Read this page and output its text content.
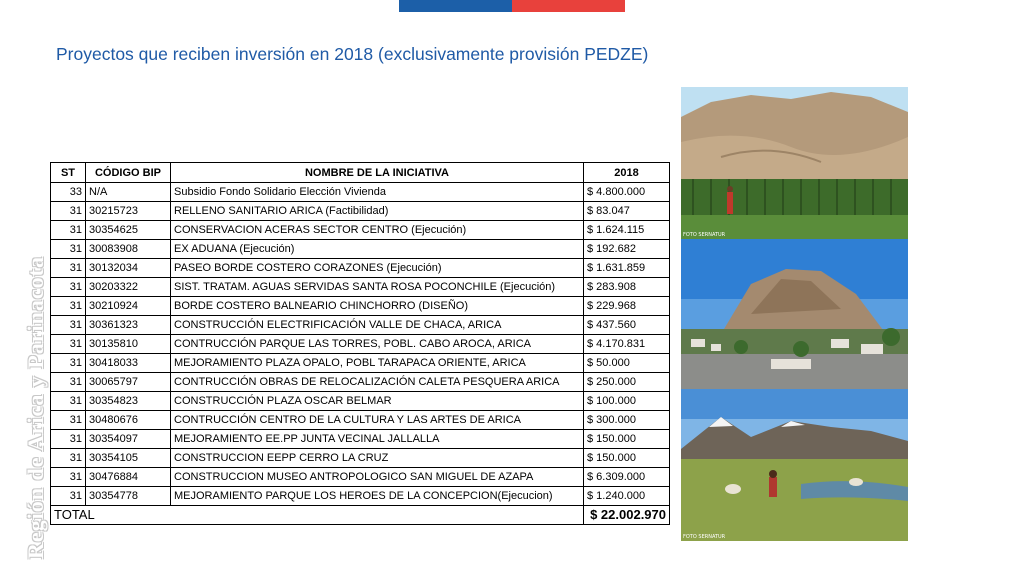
Proyectos que reciben inversión en 2018 (exclusivamente provisión PEDZE)
Región de Arica y Parinacota
ST	CÓDIGO BIP	NOMBRE DE LA INICIATIVA	2018
33	N/A	Subsidio Fondo Solidario Elección Vivienda	$ 4.800.000
31	30215723	RELLENO SANITARIO ARICA (Factibilidad)	$ 83.047
31	30354625	CONSERVACION ACERAS SECTOR CENTRO (Ejecución)	$ 1.624.115
31	30083908	EX ADUANA (Ejecución)	$ 192.682
31	30132034	PASEO BORDE COSTERO CORAZONES (Ejecución)	$ 1.631.859
31	30203322	SIST. TRATAM. AGUAS SERVIDAS SANTA ROSA POCONCHILE (Ejecución)	$ 283.908
31	30210924	BORDE COSTERO BALNEARIO CHINCHORRO (DISEÑO)	$ 229.968
31	30361323	CONSTRUCCIÓN ELECTRIFICACIÓN VALLE DE CHACA, ARICA	$ 437.560
31	30135810	CONTRUCCIÓN PARQUE LAS TORRES, POBL. CABO AROCA, ARICA	$ 4.170.831
31	30418033	MEJORAMIENTO PLAZA OPALO, POBL TARAPACA ORIENTE, ARICA	$ 50.000
31	30065797	CONTRUCCIÓN OBRAS DE RELOCALIZACIÓN CALETA PESQUERA ARICA	$ 250.000
31	30354823	CONSTRUCCIÓN PLAZA OSCAR BELMAR	$ 100.000
31	30480676	CONTRUCCIÓN CENTRO DE LA CULTURA Y LAS ARTES DE ARICA	$ 300.000
31	30354097	MEJORAMIENTO EE.PP JUNTA VECINAL JALLALLA	$ 150.000
31	30354105	CONSTRUCCION EEPP CERRO LA CRUZ	$ 150.000
31	30476884	CONSTRUCCION MUSEO ANTROPOLOGICO SAN MIGUEL DE AZAPA	$ 6.309.000
31	30354778	MEJORAMIENTO PARQUE LOS HEROES DE LA CONCEPCION(Ejecucion)	$ 1.240.000
TOTAL			$ 22.002.970
FOTO SERNATUR
FOTO SERNATUR
